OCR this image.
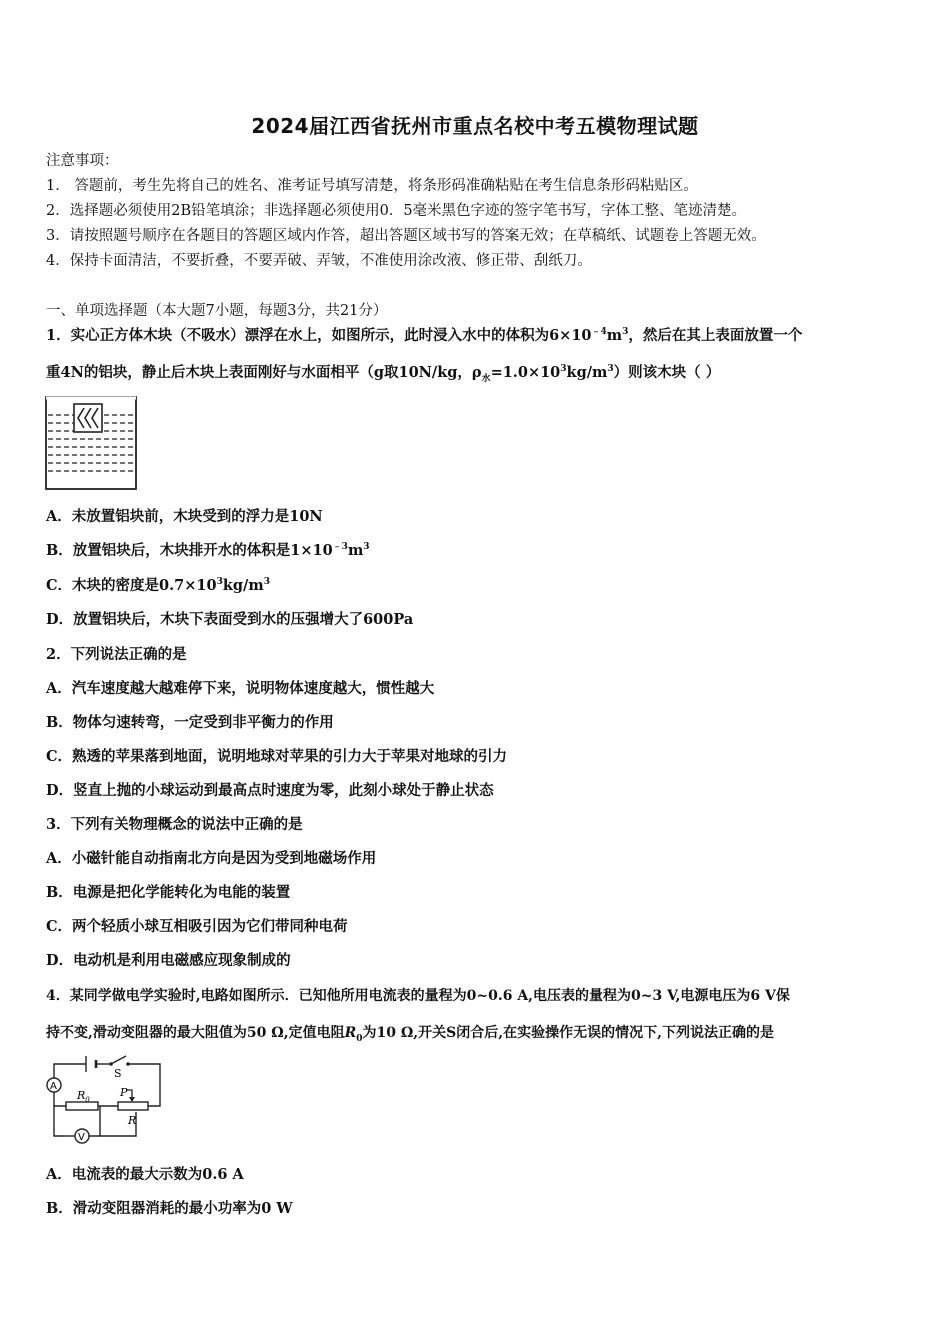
2024届江西省抚州市重点名校中考五模物理试题
注意事项：
1． 答题前，考生先将自己的姓名、准考证号填写清楚，将条形码准确粘贴在考生信息条形码粘贴区。
2．选择题必须使用2B铅笔填涂；非选择题必须使用0．5毫米黑色字迹的签字笔书写，字体工整、笔迹清楚。
3．请按照题号顺序在各题目的答题区域内作答，超出答题区域书写的答案无效；在草稿纸、试题卷上答题无效。
4．保持卡面清洁，不要折叠，不要弄破、弄皱，不准使用涂改液、修正带、刮纸刀。
一、单项选择题（本大题7小题，每题3分，共21分）
1．实心正方体木块（不吸水）漂浮在水上，如图所示，此时浸入水中的体积为$6\times 10^{﹣4}m^3$，然后在其上表面放置一个
重4N的铝块，静止后木块上表面刚好与水面相平（g取10N/kg，$\rho_水=1.0\times 10^3kg/m^3$）则该木块（ ）
A．未放置铝块前，木块受到的浮力是10N
B．放置铝块后，木块排开水的体积是$1\times 10^{﹣3}m^3$
C．木块的密度是$0.7\times 10^3kg/m^3$
D．放置铝块后，木块下表面受到水的压强增大了600Pa
2．下列说法正确的是
A．汽车速度越大越难停下来，说明物体速度越大，惯性越大
B．物体匀速转弯，一定受到非平衡力的作用
C．熟透的苹果落到地面，说明地球对苹果的引力大于苹果对地球的引力
D．竖直上抛的小球运动到最高点时速度为零，此刻小球处于静止状态
3．下列有关物理概念的说法中正确的是
A．小磁针能自动指南北方向是因为受到地磁场作用
B．电源是把化学能转化为电能的装置
C．两个轻质小球互相吸引因为它们带同种电荷
D．电动机是利用电磁感应现象制成的
4．某同学做电学实验时,电路如图所示．已知他所用电流表的量程为0~0.6 A,电压表的量程为0~3 V,电源电压为6 V保
持不变,滑动变阻器的最大阻值为50 Ω,定值电阻$R_0$为10 Ω,开关S闭合后,在实验操作无误的情况下,下列说法正确的是
S
A
$R_0$
P
R
V
A．电流表的最大示数为0.6 A
B．滑动变阻器消耗的最小功率为0 W
